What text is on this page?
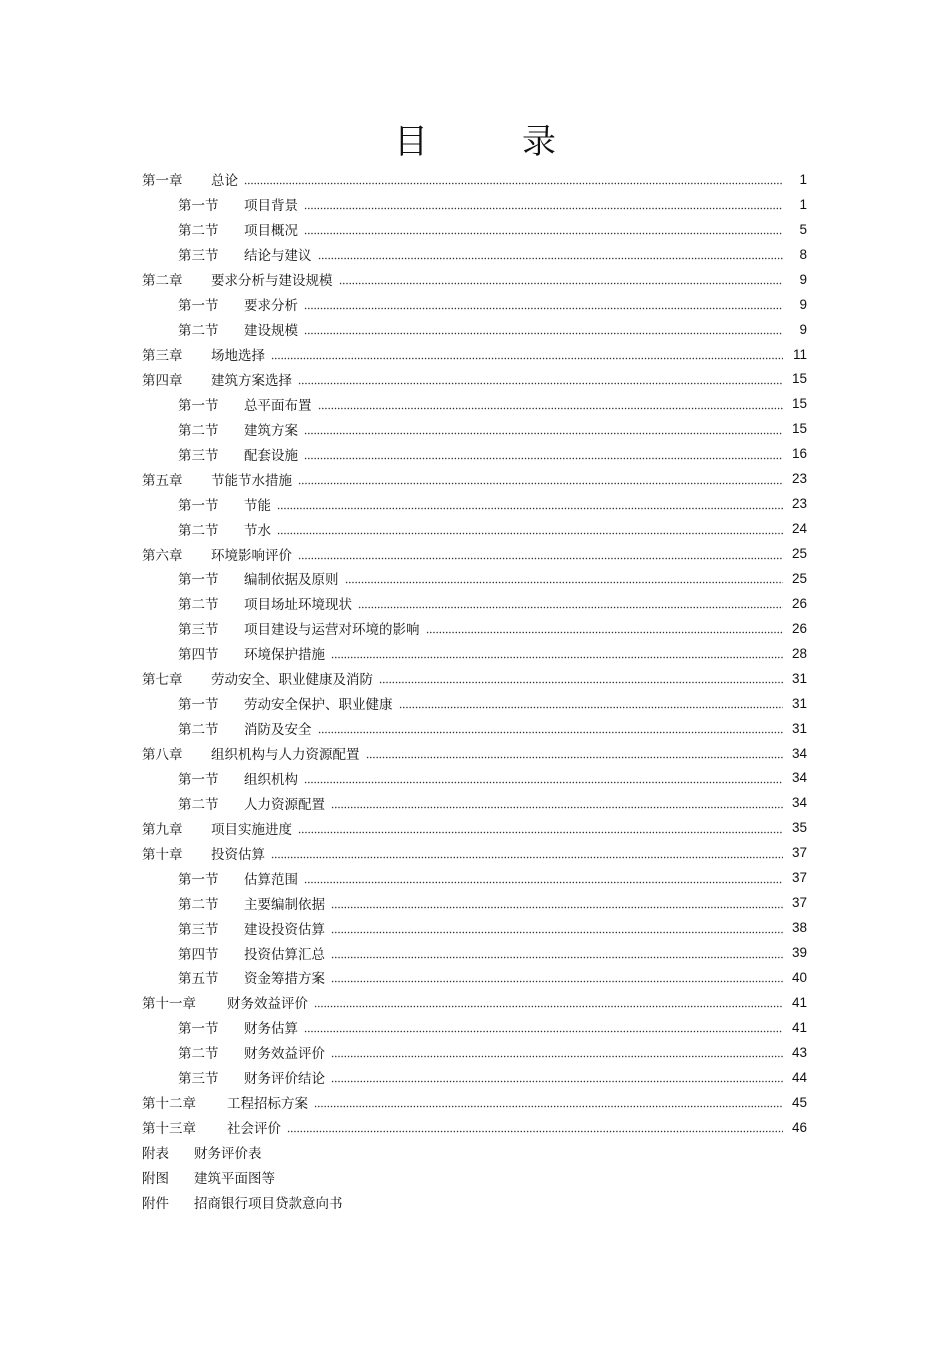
目　录
第一章	总论	1
第一节	项目背景	1
第二节	项目概况	5
第三节	结论与建议	8
第二章	要求分析与建设规模	9
第一节	要求分析	9
第二节	建设规模	9
第三章	场地选择	11
第四章	建筑方案选择	15
第一节	总平面布置	15
第二节	建筑方案	15
第三节	配套设施	16
第五章	节能节水措施	23
第一节	节能	23
第二节	节水	24
第六章	环境影响评价	25
第一节	编制依据及原则	25
第二节	项目场址环境现状	26
第三节	项目建设与运营对环境的影响	26
第四节	环境保护措施	28
第七章	劳动安全、职业健康及消防	31
第一节	劳动安全保护、职业健康	31
第二节	消防及安全	31
第八章	组织机构与人力资源配置	34
第一节	组织机构	34
第二节	人力资源配置	34
第九章	项目实施进度	35
第十章	投资估算	37
第一节	估算范围	37
第二节	主要编制依据	37
第三节	建设投资估算	38
第四节	投资估算汇总	39
第五节	资金筹措方案	40
第十一章	财务效益评价	41
第一节	财务估算	41
第二节	财务效益评价	43
第三节	财务评价结论	44
第十二章	工程招标方案	45
第十三章	社会评价	46
附表	财务评价表
附图	建筑平面图等
附件	招商银行项目贷款意向书
